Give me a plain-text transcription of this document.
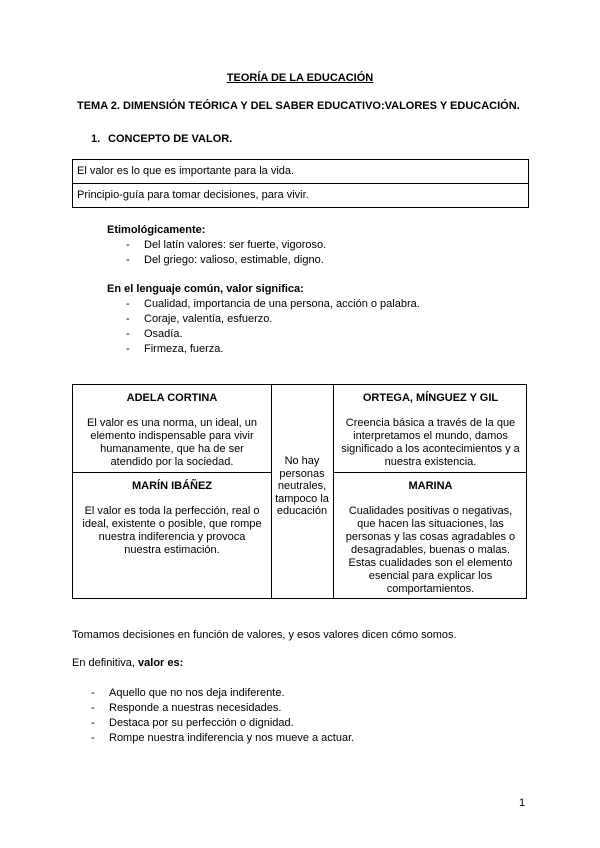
TEORÍA DE LA EDUCACIÓN
TEMA 2. DIMENSIÓN TEÓRICA Y DEL SABER EDUCATIVO:VALORES Y EDUCACIÓN.
1. CONCEPTO DE VALOR.
El valor es lo que es importante para la vida.
Principio-guía para tomar decisiones, para vivir.
Etimológicamente:
- Del latín valores: ser fuerte, vigoroso.
- Del griego: valioso, estimable, digno.
En el lenguaje común, valor significa:
- Cualidad, importancia de una persona, acción o palabra.
- Coraje, valentía, esfuerzo.
- Osadía.
- Firmeza, fuerza.
ADELA CORTINA
El valor es una norma, un ideal, un elemento indispensable para vivir humanamente, que ha de ser atendido por la sociedad.
ORTEGA, MÍNGUEZ Y GIL
Creencia básica a través de la que interpretamos el mundo, damos significado a los acontecimientos y a nuestra existencia.
MARÍN IBÁÑEZ
El valor es toda la perfección, real o ideal, existente o posible, que rompe nuestra indiferencia y provoca nuestra estimación.
MARINA
Cualidades positivas o negativas, que hacen las situaciones, las personas y las cosas agradables o desagradables, buenas o malas. Estas cualidades son el elemento esencial para explicar los comportamientos.
No hay personas neutrales, tampoco la educación
Tomamos decisiones en función de valores, y esos valores dicen cómo somos.
En definitiva, valor es:
- Aquello que no nos deja indiferente.
- Responde a nuestras necesidades.
- Destaca por su perfección o dignidad.
- Rompe nuestra indiferencia y nos mueve a actuar.
1
